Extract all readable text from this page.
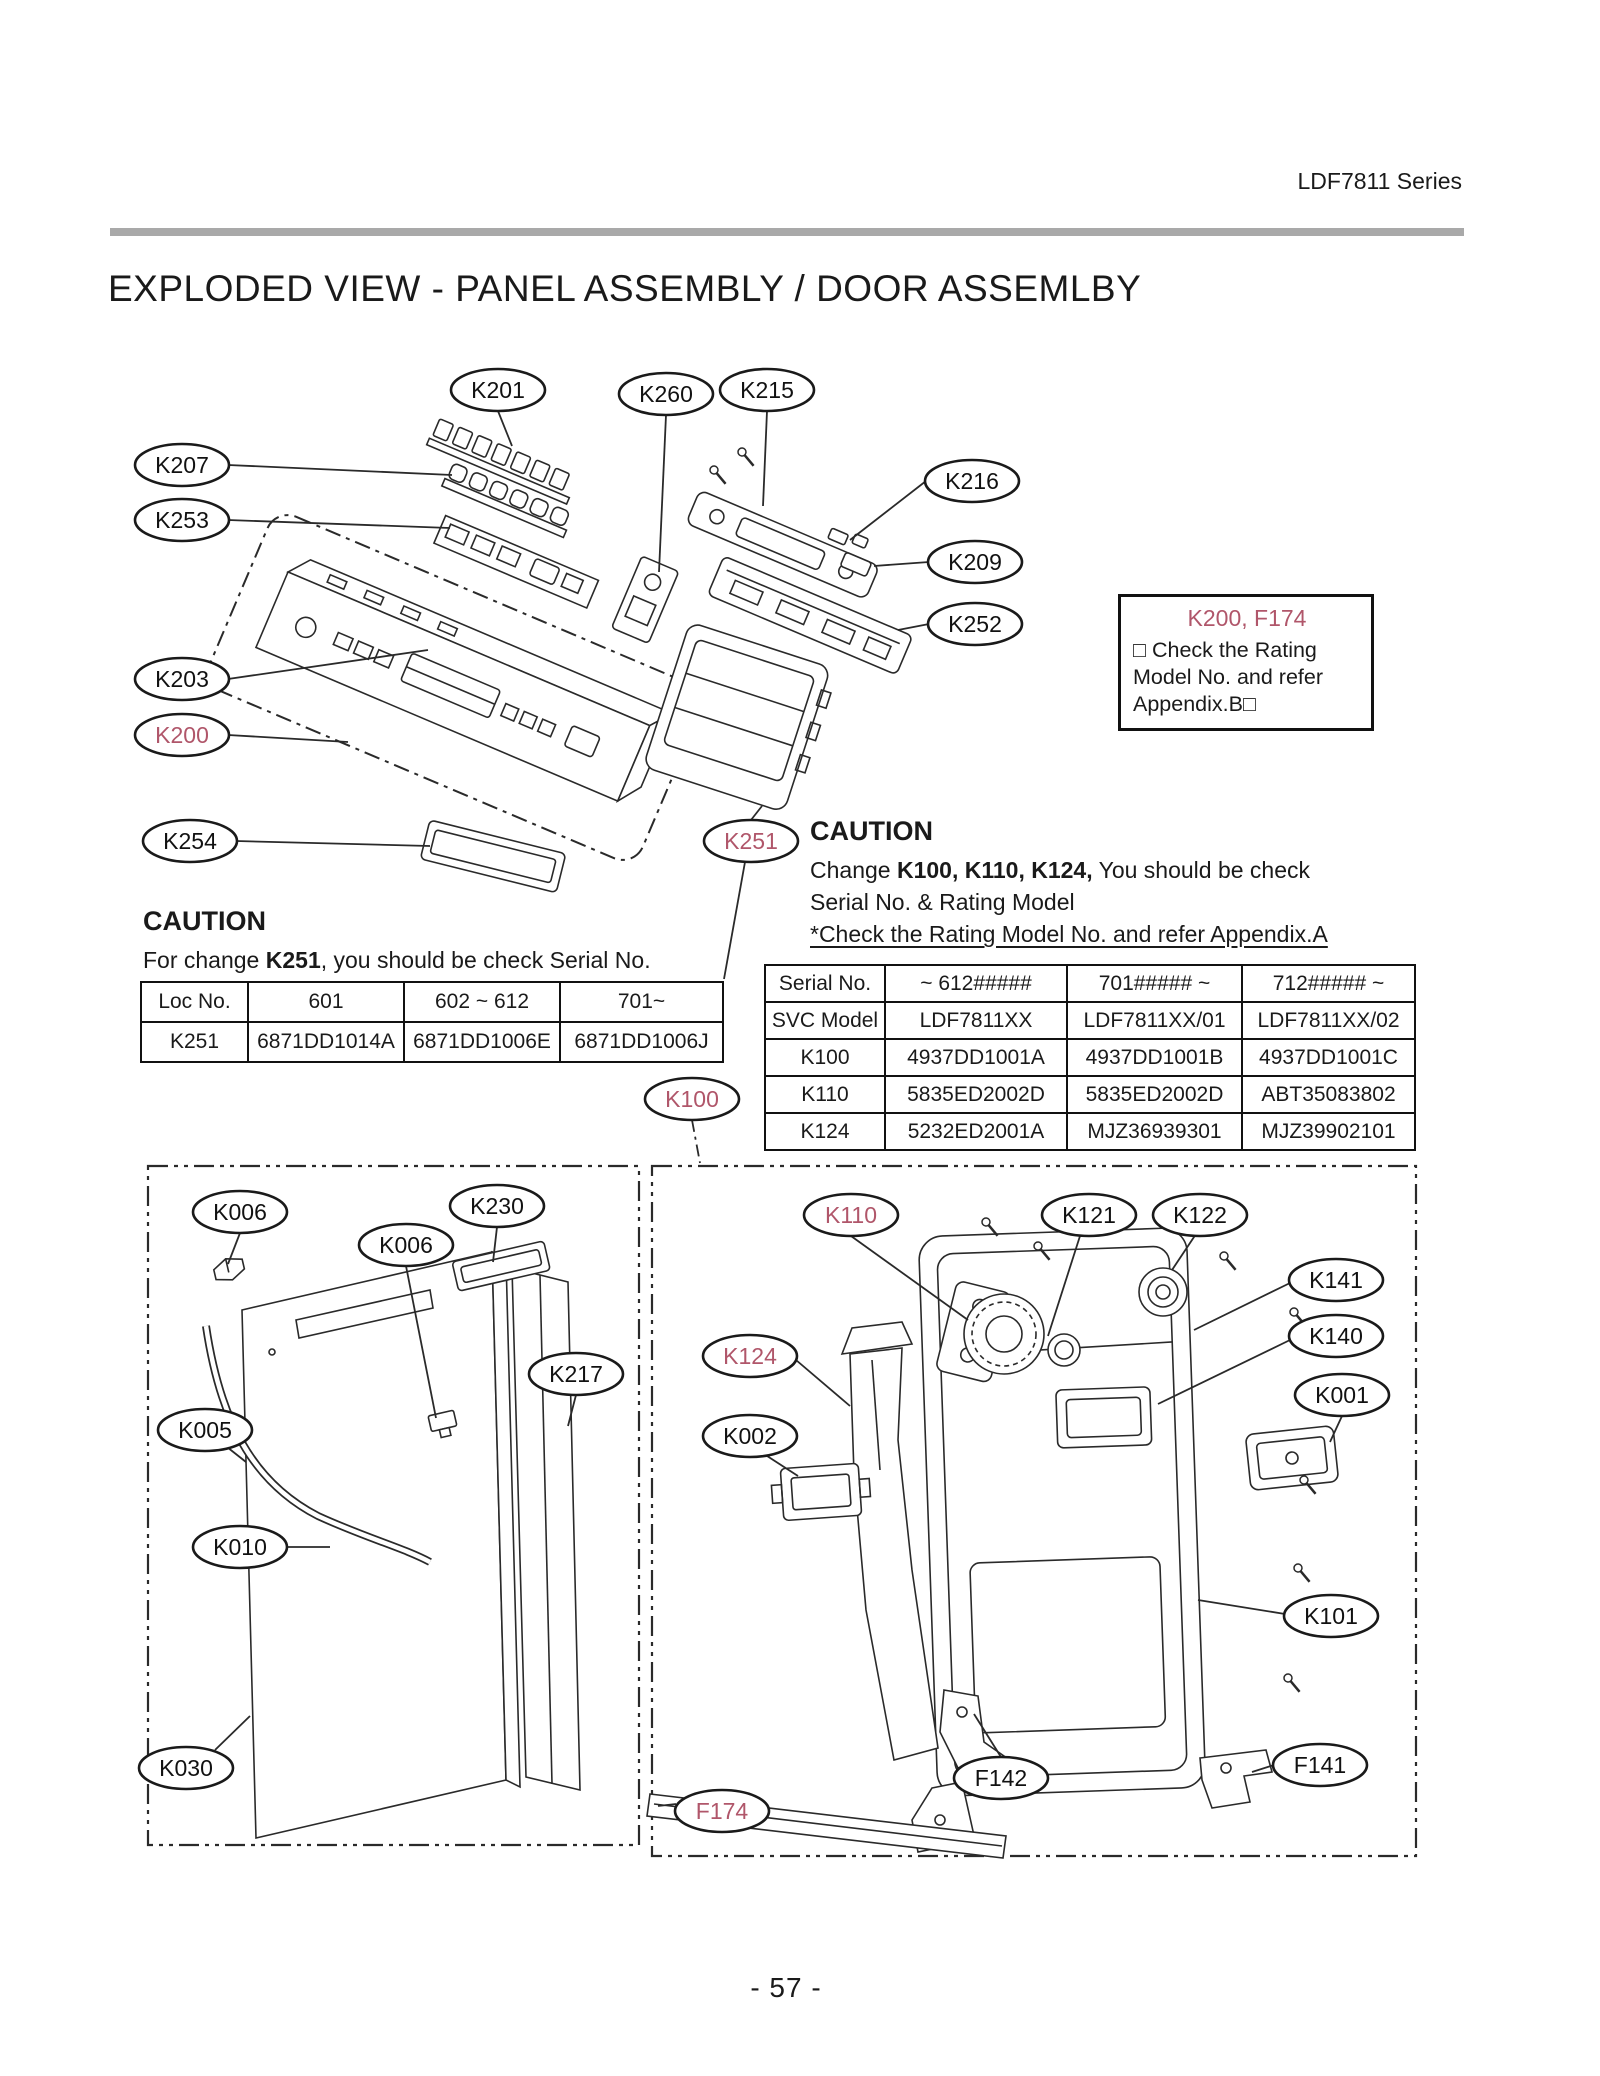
K201	K260 K215
K207
K216
K253
K209
K252
K203
K200
K254	K251
K100
K006
K006
K230
K217
K005
K010
K030
K110	K121 K122
K141
K140
K001
K124
K002
K101
F142	F141
F174
LDF7811 Series
EXPLODED VIEW - PANEL ASSEMBLY / DOOR ASSEMLBY
K200, F174
□ Check the Rating
Model No. and refer
Appendix.B□
CAUTION
For change K251, you should be check Serial No.
Loc No.	601	602 ~ 612	701~
K251	6871DD1014A	6871DD1006E	6871DD1006J
CAUTION
Change K100, K110, K124, You should be check
Serial No. & Rating Model
*Check the Rating Model No. and refer Appendix.A
Serial No.	~ 612#####	701##### ~	712##### ~
SVC Model	LDF7811XX	LDF7811XX/01	LDF7811XX/02
K100	4937DD1001A	4937DD1001B	4937DD1001C
K110	5835ED2002D	5835ED2002D	ABT35083802
K124	5232ED2001A	MJZ36939301	MJZ39902101
- 57 -
